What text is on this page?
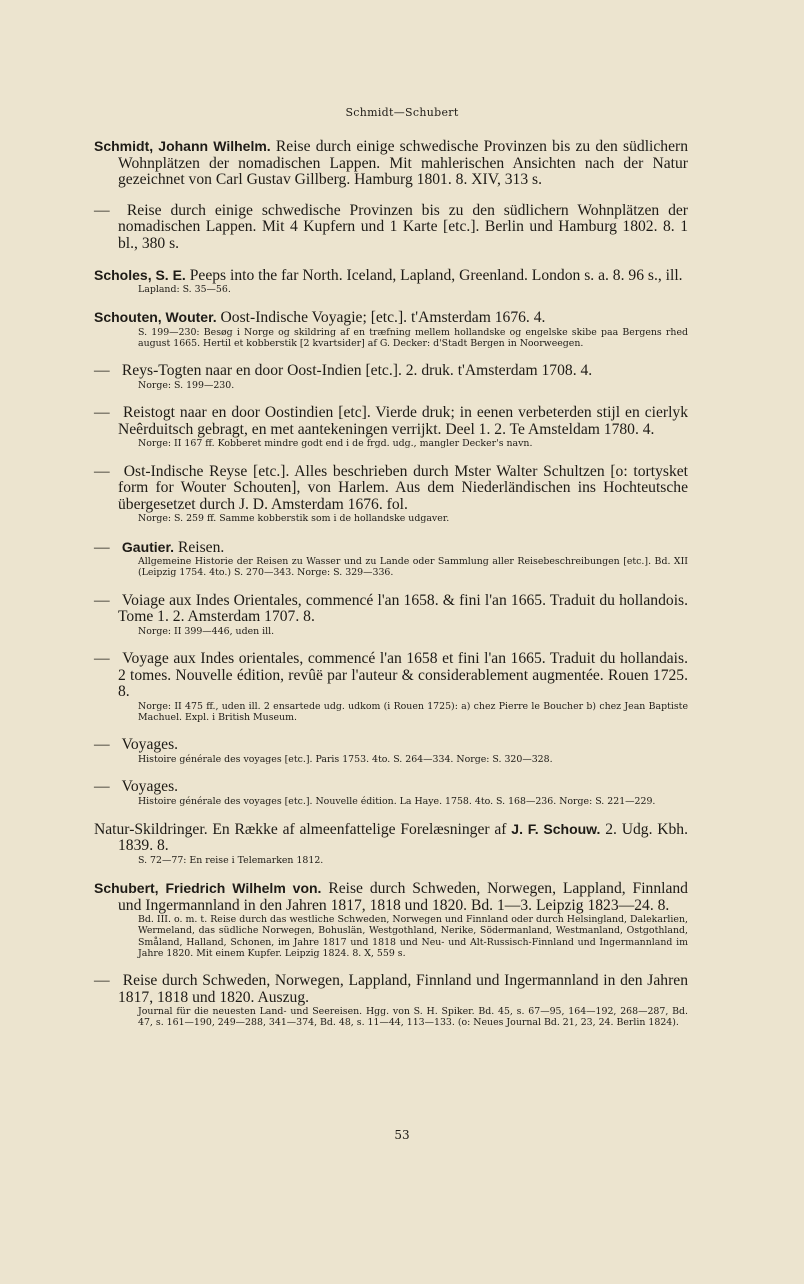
Schmidt—Schubert
Schmidt, Johann Wilhelm. Reise durch einige schwedische Provinzen bis zu den südlichern Wohnplätzen der nomadischen Lappen. Mit mahlerischen Ansichten nach der Natur gezeichnet von Carl Gustav Gillberg. Hamburg 1801. 8. XIV, 313 s.
— Reise durch einige schwedische Provinzen bis zu den südlichern Wohnplätzen der nomadischen Lappen. Mit 4 Kupfern und 1 Karte [etc.]. Berlin und Hamburg 1802. 8. 1 bl., 380 s.
Scholes, S. E. Peeps into the far North. Iceland, Lapland, Greenland. London s. a. 8. 96 s., ill.
Lapland: S. 35—56.
Schouten, Wouter. Oost-Indische Voyagie; [etc.]. t'Amsterdam 1676. 4.
S. 199—230: Besøg i Norge og skildring af en træfning mellem hollandske og engelske skibe paa Bergens rhed august 1665. Hertil et kobberstik [2 kvartsider] af G. Decker: d'Stadt Bergen in Noorweegen.
— Reys-Togten naar en door Oost-Indien [etc.]. 2. druk. t'Amsterdam 1708. 4.
Norge: S. 199—230.
— Reistogt naar en door Oostindien [etc]. Vierde druk; in eenen verbeterden stijl en cierlyk Neêrduitsch gebragt, en met aantekeningen verrijkt. Deel 1. 2. Te Amsteldam 1780. 4.
Norge: II 167 ff. Kobberet mindre godt end i de frgd. udg., mangler Decker's navn.
— Ost-Indische Reyse [etc.]. Alles beschrieben durch Mster Walter Schultzen [o: tortysket form for Wouter Schouten], von Harlem. Aus dem Niederländischen ins Hochteutsche übergesetzet durch J. D. Amsterdam 1676. fol.
Norge: S. 259 ff. Samme kobberstik som i de hollandske udgaver.
— Gautier. Reisen.
Allgemeine Historie der Reisen zu Wasser und zu Lande oder Sammlung aller Reisebeschreibungen [etc.]. Bd. XII (Leipzig 1754. 4to.) S. 270—343. Norge: S. 329—336.
— Voiage aux Indes Orientales, commencé l'an 1658. & fini l'an 1665. Traduit du hollandois. Tome 1. 2. Amsterdam 1707. 8.
Norge: II 399—446, uden ill.
— Voyage aux Indes orientales, commencé l'an 1658 et fini l'an 1665. Traduit du hollandais. 2 tomes. Nouvelle édition, revûë par l'auteur & considerablement augmentée. Rouen 1725. 8.
Norge: II 475 ff., uden ill. 2 ensartede udg. udkom (i Rouen 1725): a) chez Pierre le Boucher b) chez Jean Baptiste Machuel. Expl. i British Museum.
— Voyages.
Histoire générale des voyages [etc.]. Paris 1753. 4to. S. 264—334. Norge: S. 320—328.
— Voyages.
Histoire générale des voyages [etc.]. Nouvelle édition. La Haye. 1758. 4to. S. 168—236. Norge: S. 221—229.
Natur-Skildringer. En Række af almeenfattelige Forelæsninger af J. F. Schouw. 2. Udg. Kbh. 1839. 8.
S. 72—77: En reise i Telemarken 1812.
Schubert, Friedrich Wilhelm von. Reise durch Schweden, Norwegen, Lappland, Finnland und Ingermannland in den Jahren 1817, 1818 und 1820. Bd. 1—3. Leipzig 1823—24. 8.
Bd. III. o. m. t. Reise durch das westliche Schweden, Norwegen und Finnland oder durch Helsingland, Dalekarlien, Wermeland, das südliche Norwegen, Bohuslän, Westgothland, Nerike, Södermanland, Westmanland, Ostgothland, Småland, Halland, Schonen, im Jahre 1817 und 1818 und Neu- und Alt-Russisch-Finnland und Ingermannland im Jahre 1820. Mit einem Kupfer. Leipzig 1824. 8. X, 559 s.
— Reise durch Schweden, Norwegen, Lappland, Finnland und Ingermannland in den Jahren 1817, 1818 und 1820. Auszug.
Journal für die neuesten Land- und Seereisen. Hgg. von S. H. Spiker. Bd. 45, s. 67—95, 164—192, 268—287, Bd. 47, s. 161—190, 249—288, 341—374, Bd. 48, s. 11—44, 113—133. (o: Neues Journal Bd. 21, 23, 24. Berlin 1824).
53
